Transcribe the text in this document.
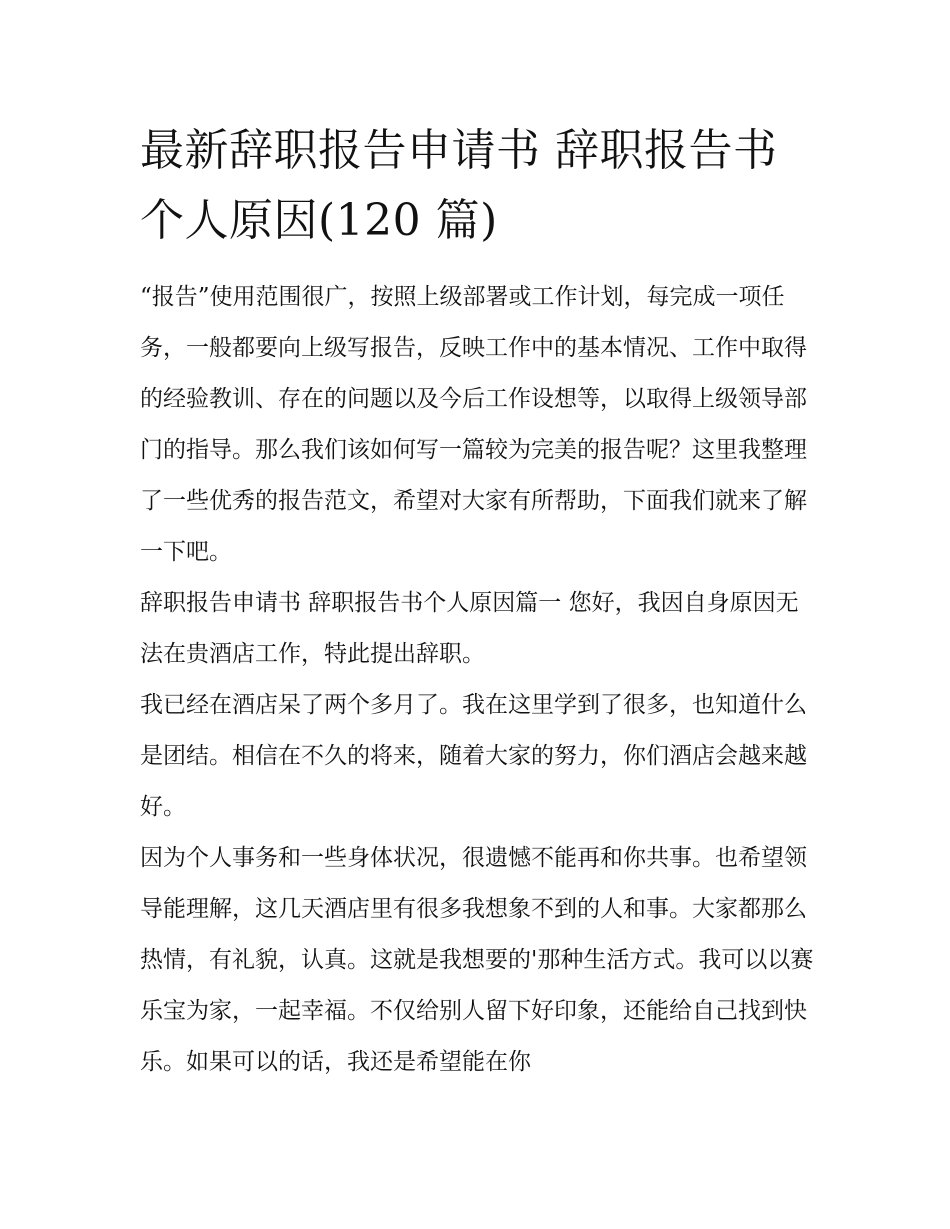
最新辞职报告申请书 辞职报告书个人原因(120 篇)

“报告”使用范围很广，按照上级部署或工作计划，每完成一项任务，一般都要向上级写报告，反映工作中的基本情况、工作中取得的经验教训、存在的问题以及今后工作设想等，以取得上级领导部门的指导。那么我们该如何写一篇较为完美的报告呢？这里我整理了一些优秀的报告范文，希望对大家有所帮助，下面我们就来了解一下吧。

辞职报告申请书 辞职报告书个人原因篇一 您好，我因自身原因无法在贵酒店工作，特此提出辞职。

我已经在酒店呆了两个多月了。我在这里学到了很多，也知道什么是团结。相信在不久的将来，随着大家的努力，你们酒店会越来越好。

因为个人事务和一些身体状况，很遗憾不能再和你共事。也希望领导能理解，这几天酒店里有很多我想象不到的人和事。大家都那么热情，有礼貌，认真。这就是我想要的'那种生活方式。我可以以赛乐宝为家，一起幸福。不仅给别人留下好印象，还能给自己找到快乐。如果可以的话，我还是希望能在你
